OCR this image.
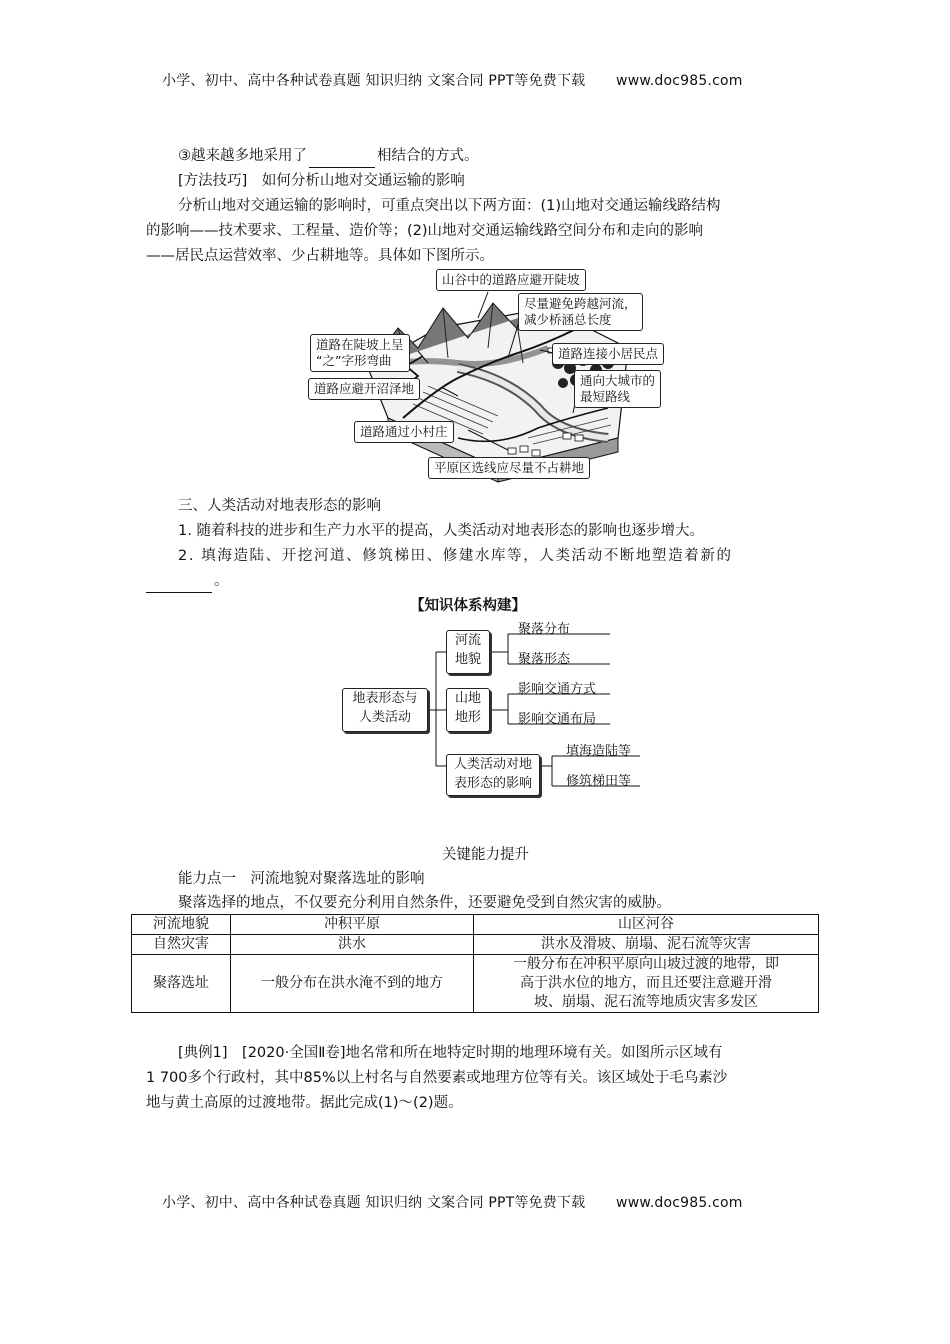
小学、初中、高中各种试卷真题 知识归纳 文案合同 PPT等免费下载 www.doc985.com
③越来越多地采用了	相结合的方式。
[方法技巧]　如何分析山地对交通运输的影响
分析山地对交通运输的影响时，可重点突出以下两方面：(1)山地对交通运输线路结构
的影响——技术要求、工程量、造价等；(2)山地对交通运输线路空间分布和走向的影响
——居民点运营效率、少占耕地等。具体如下图所示。
山谷中的道路应避开陡坡
尽量避免跨越河流，
减少桥涵总长度
道路在陡坡上呈
“之”字形弯曲	道路连接小居民点
道路应避开沼泽地
通向大城市的
最短路线
道路通过小村庄
平原区选线应尽量不占耕地
三、人类活动对地表形态的影响
1. 随着科技的进步和生产力水平的提高，人类活动对地表形态的影响也逐步增大。
2. 填海造陆、开挖河道、修筑梯田、修建水库等，人类活动不断地塑造着新的
。
【知识体系构建】
地表形态与
人类活动
河流
地貌
山地
地形
人类活动对地
表形态的影响
聚落分布
聚落形态
影响交通方式
影响交通布局
填海造陆等
修筑梯田等
关键能力提升
能力点一　河流地貌对聚落选址的影响
聚落选择的地点，不仅要充分利用自然条件，还要避免受到自然灾害的威胁。
河流地貌	冲积平原	山区河谷
自然灾害	洪水	洪水及滑坡、崩塌、泥石流等灾害
聚落选址	一般分布在洪水淹不到的地方	一般分布在冲积平原向山坡过渡的地带，即
高于洪水位的地方，而且还要注意避开滑
坡、崩塌、泥石流等地质灾害多发区
[典例1]　[2020·全国Ⅱ卷]地名常和所在地特定时期的地理环境有关。如图所示区域有
1 700多个行政村，其中85%以上村名与自然要素或地理方位等有关。该区域处于毛乌素沙
地与黄土高原的过渡地带。据此完成(1)～(2)题。
小学、初中、高中各种试卷真题 知识归纳 文案合同 PPT等免费下载 www.doc985.com
